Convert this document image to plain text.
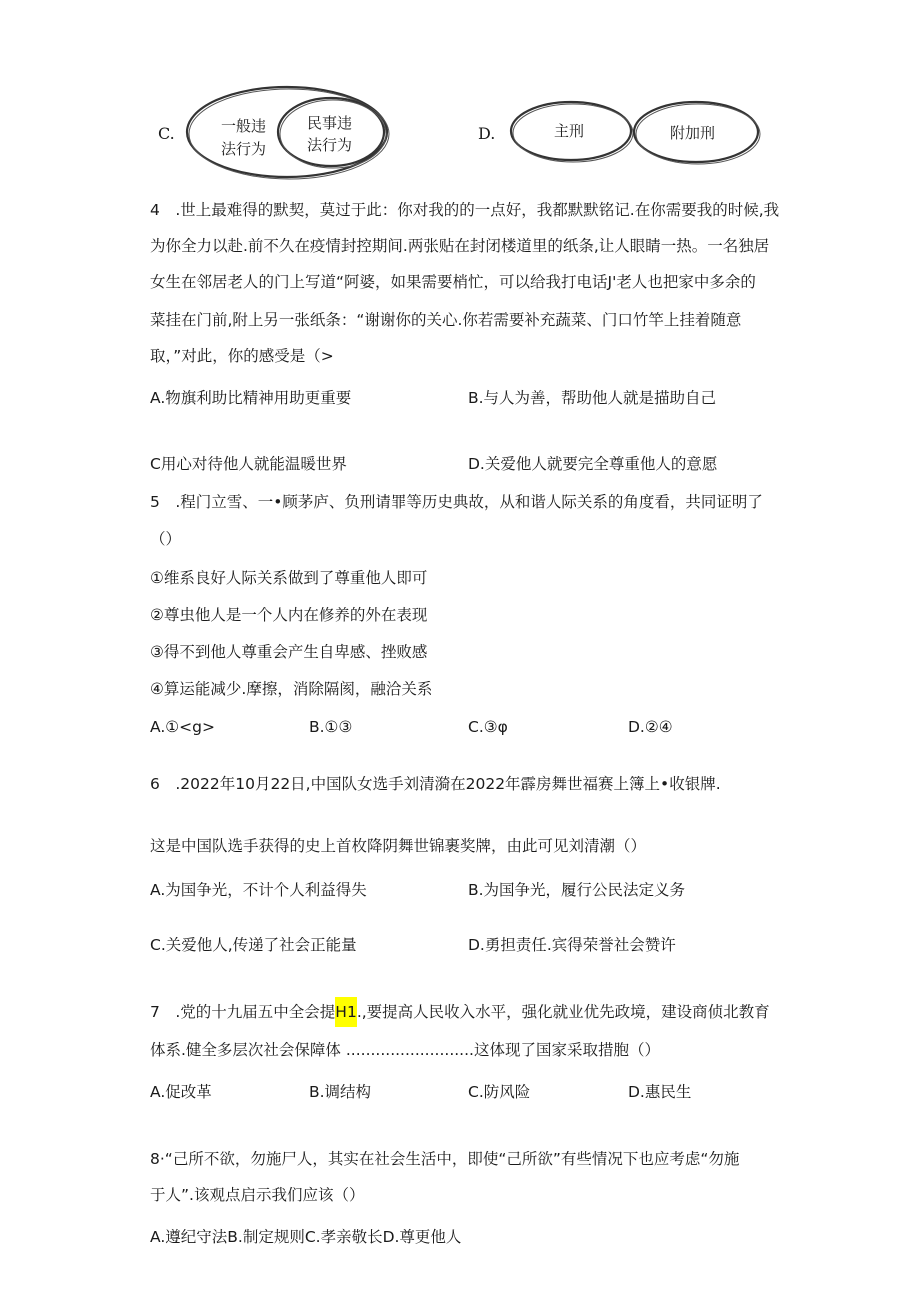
C.	一般违
法行为
民事违
法行为
D.	主刑	附加刑
4　.世上最难得的默契，莫过于此：你对我的的一点好，我都默默铭记.在你需要我的时候,我
为你全力以赴.前不久在疫情封控期间.两张贴在封闭楼道里的纸条,让人眼睛一热。一名独居
女生在邻居老人的门上写道“阿婆，如果需要梢忙，可以给我打电话J'老人也把家中多余的
菜挂在门前,附上另一张纸条：“谢谢你的关心.你若需要补充蔬菜、门口竹竿上挂着随意
取，”对此，你的感受是（>
A.物旗利助比精神用助更重要	B.与人为善，帮助他人就是描助自己
C用心对待他人就能温暖世界	D.关爱他人就要完全尊重他人的意愿
5　.程门立雪、一•顾茅庐、负刑请罪等历史典故，从和谐人际关系的角度看，共同证明了
（）
①维系良好人际关系做到了尊重他人即可
②尊虫他人是一个人内在修养的外在表现
③得不到他人尊重会产生自卑感、挫败感
④算运能减少.摩擦，消除隔阂，融洽关系
A.①<g>	B.①③	C.③φ	D.②④
6　.2022年10月22日,中国队女选手刘清漪在2022年霹房舞世福赛上簿上•收银牌.
这是中国队选手获得的史上首枚降阴舞世锦裹奖牌，由此可见刘清潮（）
A.为国争光，不计个人利益得失	B.为国争光，履行公民法定义务
C.关爱他人,传递了社会正能量	D.勇担责任.宾得荣誉社会赞许
7　.党的十九届五中全会提H1.,要提高人民收入水平，强化就业优先政境，建设商侦北教育
体系.健全多层次社会保障体 ..........................这体现了国家采取措胞（）
A.促改革	B.调结构	C.防风险	D.惠民生
8·“己所不欲，勿施尸人，其实在社会生活中，即使“己所欲”有些情况下也应考虑“勿施
于人”.该观点启示我们应该（）
A.遵纪守法B.制定规则C.孝亲敬长D.尊更他人
